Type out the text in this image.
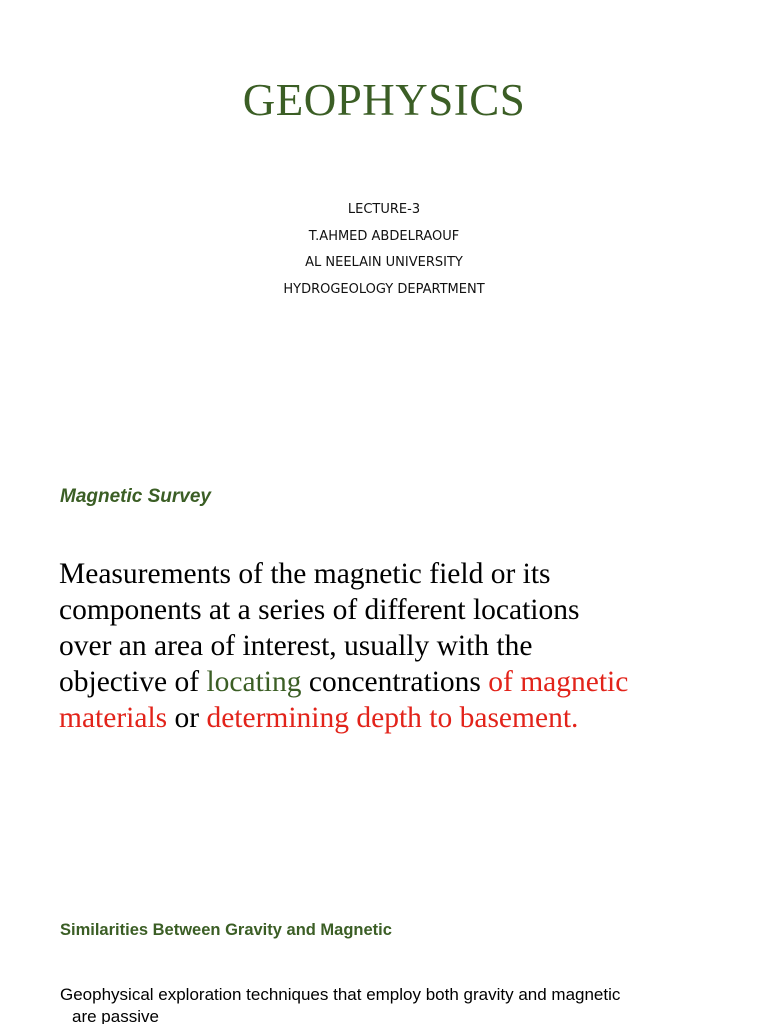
GEOPHYSICS
LECTURE-3
T.AHMED ABDELRAOUF
AL NEELAIN UNIVERSITY
HYDROGEOLOGY DEPARTMENT
Magnetic Survey
Measurements of the magnetic field or its
components at a series of different locations
over an area of interest, usually with the
objective of locating concentrations of magnetic
materials or determining depth to basement.
Similarities Between Gravity and Magnetic
Geophysical exploration techniques that employ both gravity and magnetic
are passive
